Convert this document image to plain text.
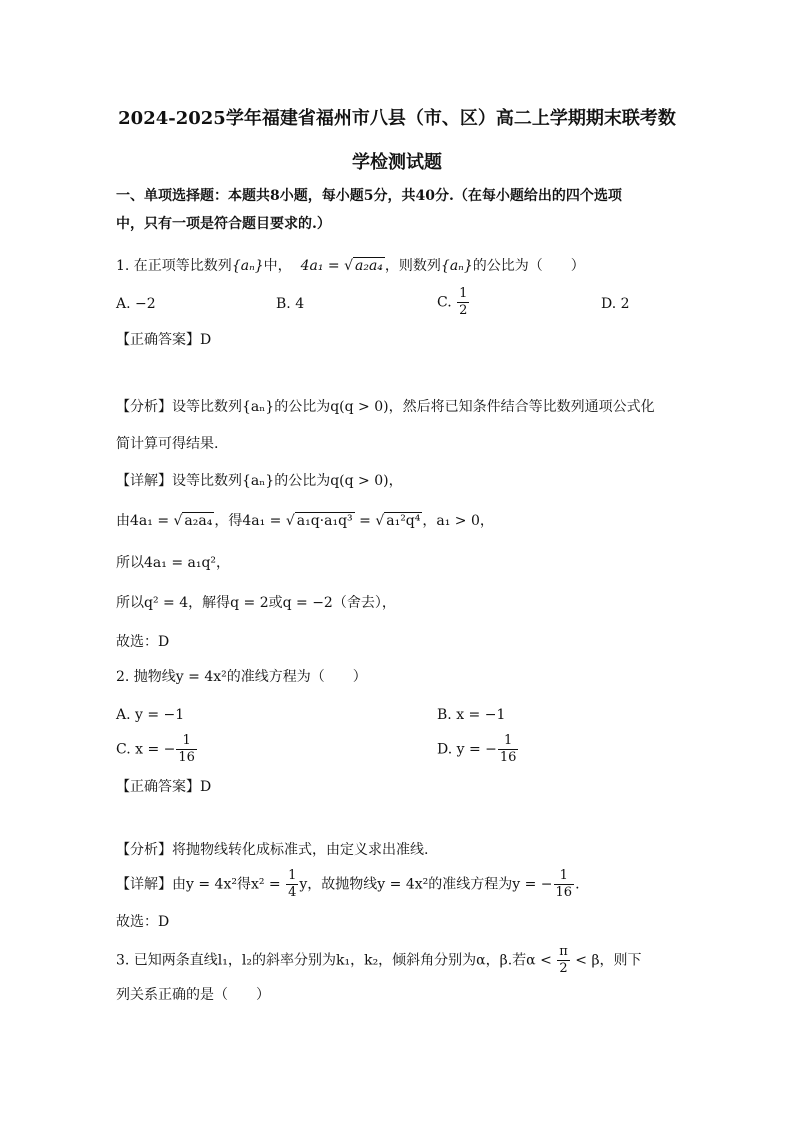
2024-2025学年福建省福州市八县（市、区）高二上学期期末联考数
学检测试题
一、单项选择题：本题共8小题，每小题5分，共40分.（在每小题给出的四个选项
中，只有一项是符合题目要求的.）
1. 在正项等比数列{aₙ}中， 4a₁ = √ a₂a₄ ，则数列{aₙ}的公比为（　　）
A. −2	B. 4	C. $\frac{1}{2}$	D. 2
【正确答案】D
【分析】设等比数列{aₙ}的公比为q(q > 0)，然后将已知条件结合等比数列通项公式化
简计算可得结果.
【详解】设等比数列{aₙ}的公比为q(q > 0)，
由4a₁ = √ a₂a₄ ，得4a₁ = √ a₁q·a₁q³ = √ a₁²q⁴ ，a₁ > 0，
所以4a₁ = a₁q²，
所以q² = 4，解得q = 2或q = −2（舍去），
故选：D
2. 抛物线y = 4x²的准线方程为（　　）
A. y = −1	B. x = −1
C. x = − $\frac{1}{16}$	D. y = − $\frac{1}{16}$
【正确答案】D
【分析】将抛物线转化成标准式，由定义求出准线.
【详解】由y = 4x²得$x^2 = \frac{1}{4}$ y，故抛物线y = 4x²的准线方程为y = − $\frac{1}{16}$ .
故选：D
3. 已知两条直线l₁，l₂的斜率分别为k₁，k₂，倾斜角分别为α，β.若$\alpha < \frac{\pi}{2} < \beta$，则下
列关系正确的是（　　）
